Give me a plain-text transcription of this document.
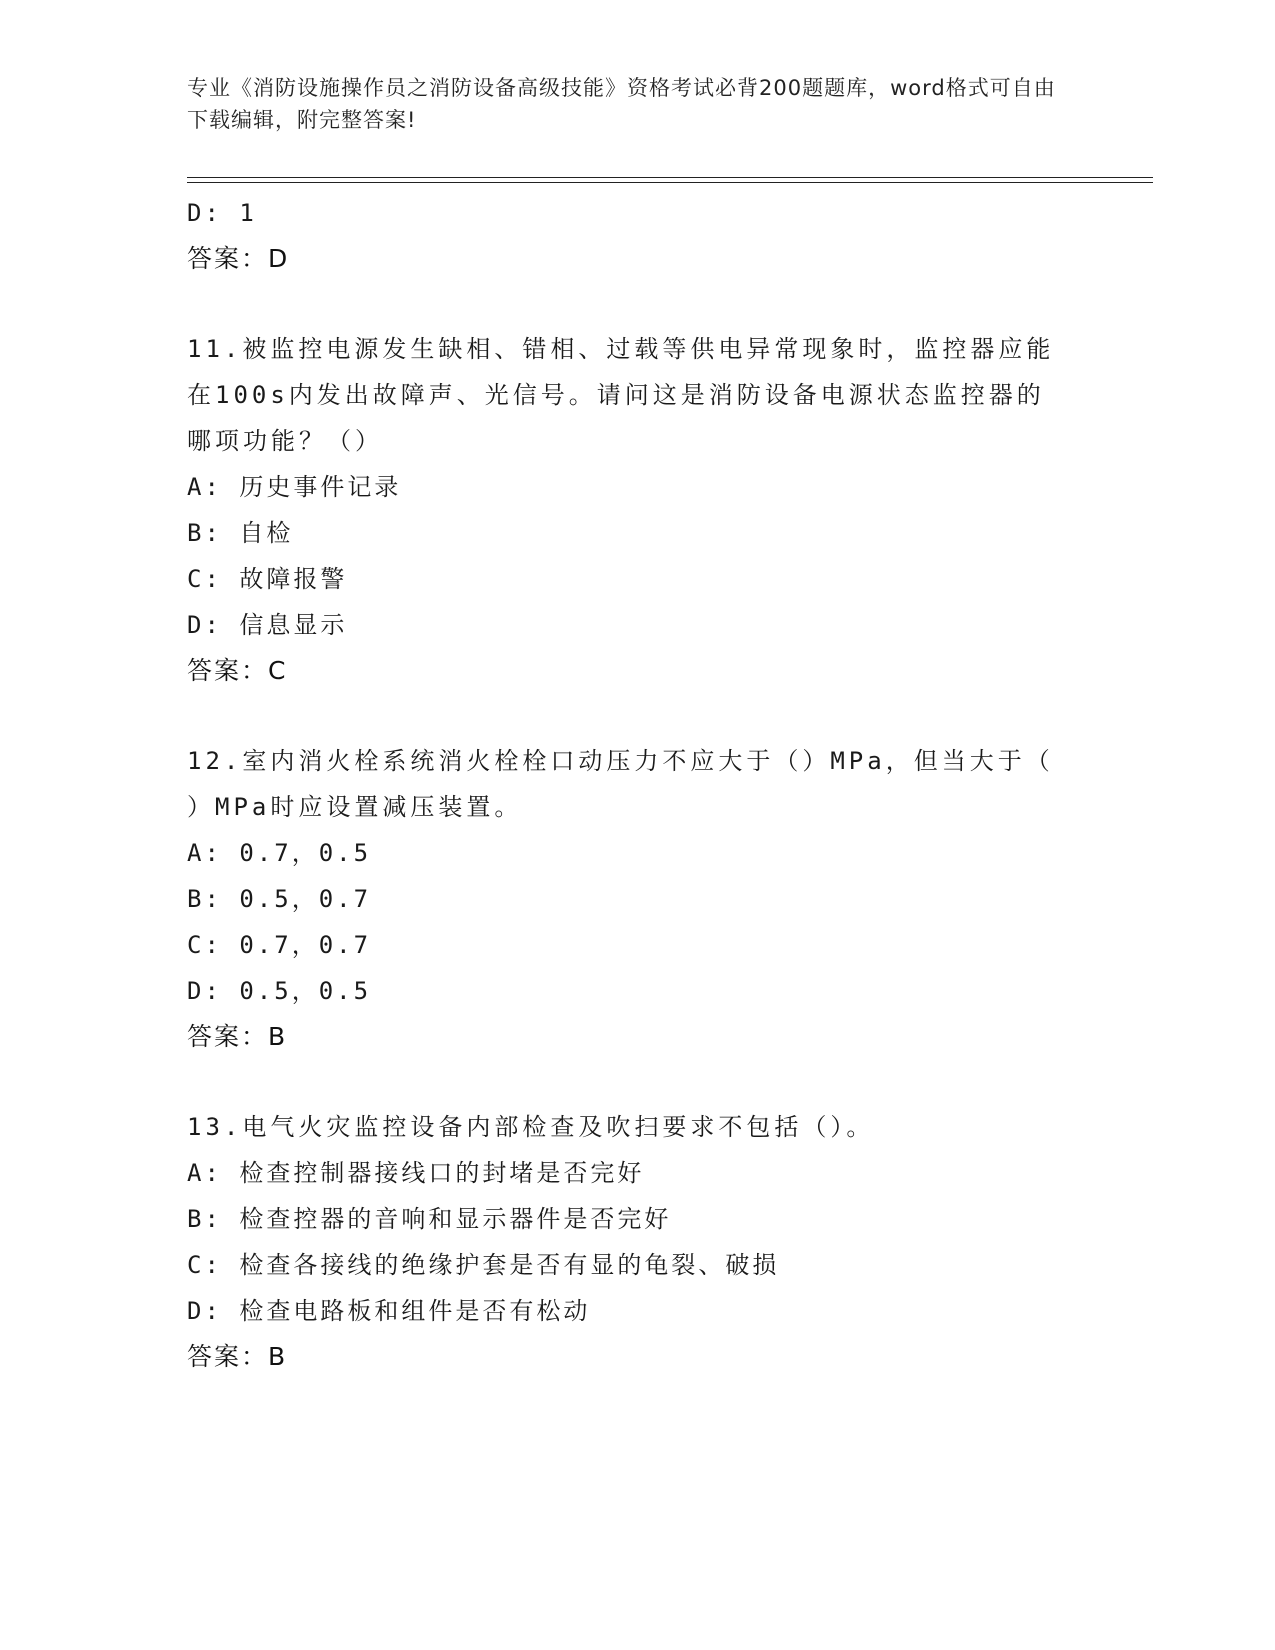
专业《消防设施操作员之消防设备高级技能》资格考试必背200题题库，word格式可自由下载编辑，附完整答案!
D: 1
答案：D
11.被监控电源发生缺相、错相、过载等供电异常现象时，监控器应能
在100s内发出故障声、光信号。请问这是消防设备电源状态监控器的
哪项功能？（）
A: 历史事件记录
B: 自检
C: 故障报警
D: 信息显示
答案：C
12.室内消火栓系统消火栓栓口动压力不应大于（）MPa，但当大于（
）MPa时应设置减压装置。
A: 0.7，0.5
B: 0.5，0.7
C: 0.7，0.7
D: 0.5，0.5
答案：B
13.电气火灾监控设备内部检查及吹扫要求不包括（）。
A: 检查控制器接线口的封堵是否完好
B: 检查控器的音响和显示器件是否完好
C: 检查各接线的绝缘护套是否有显的龟裂、破损
D: 检查电路板和组件是否有松动
答案：B
